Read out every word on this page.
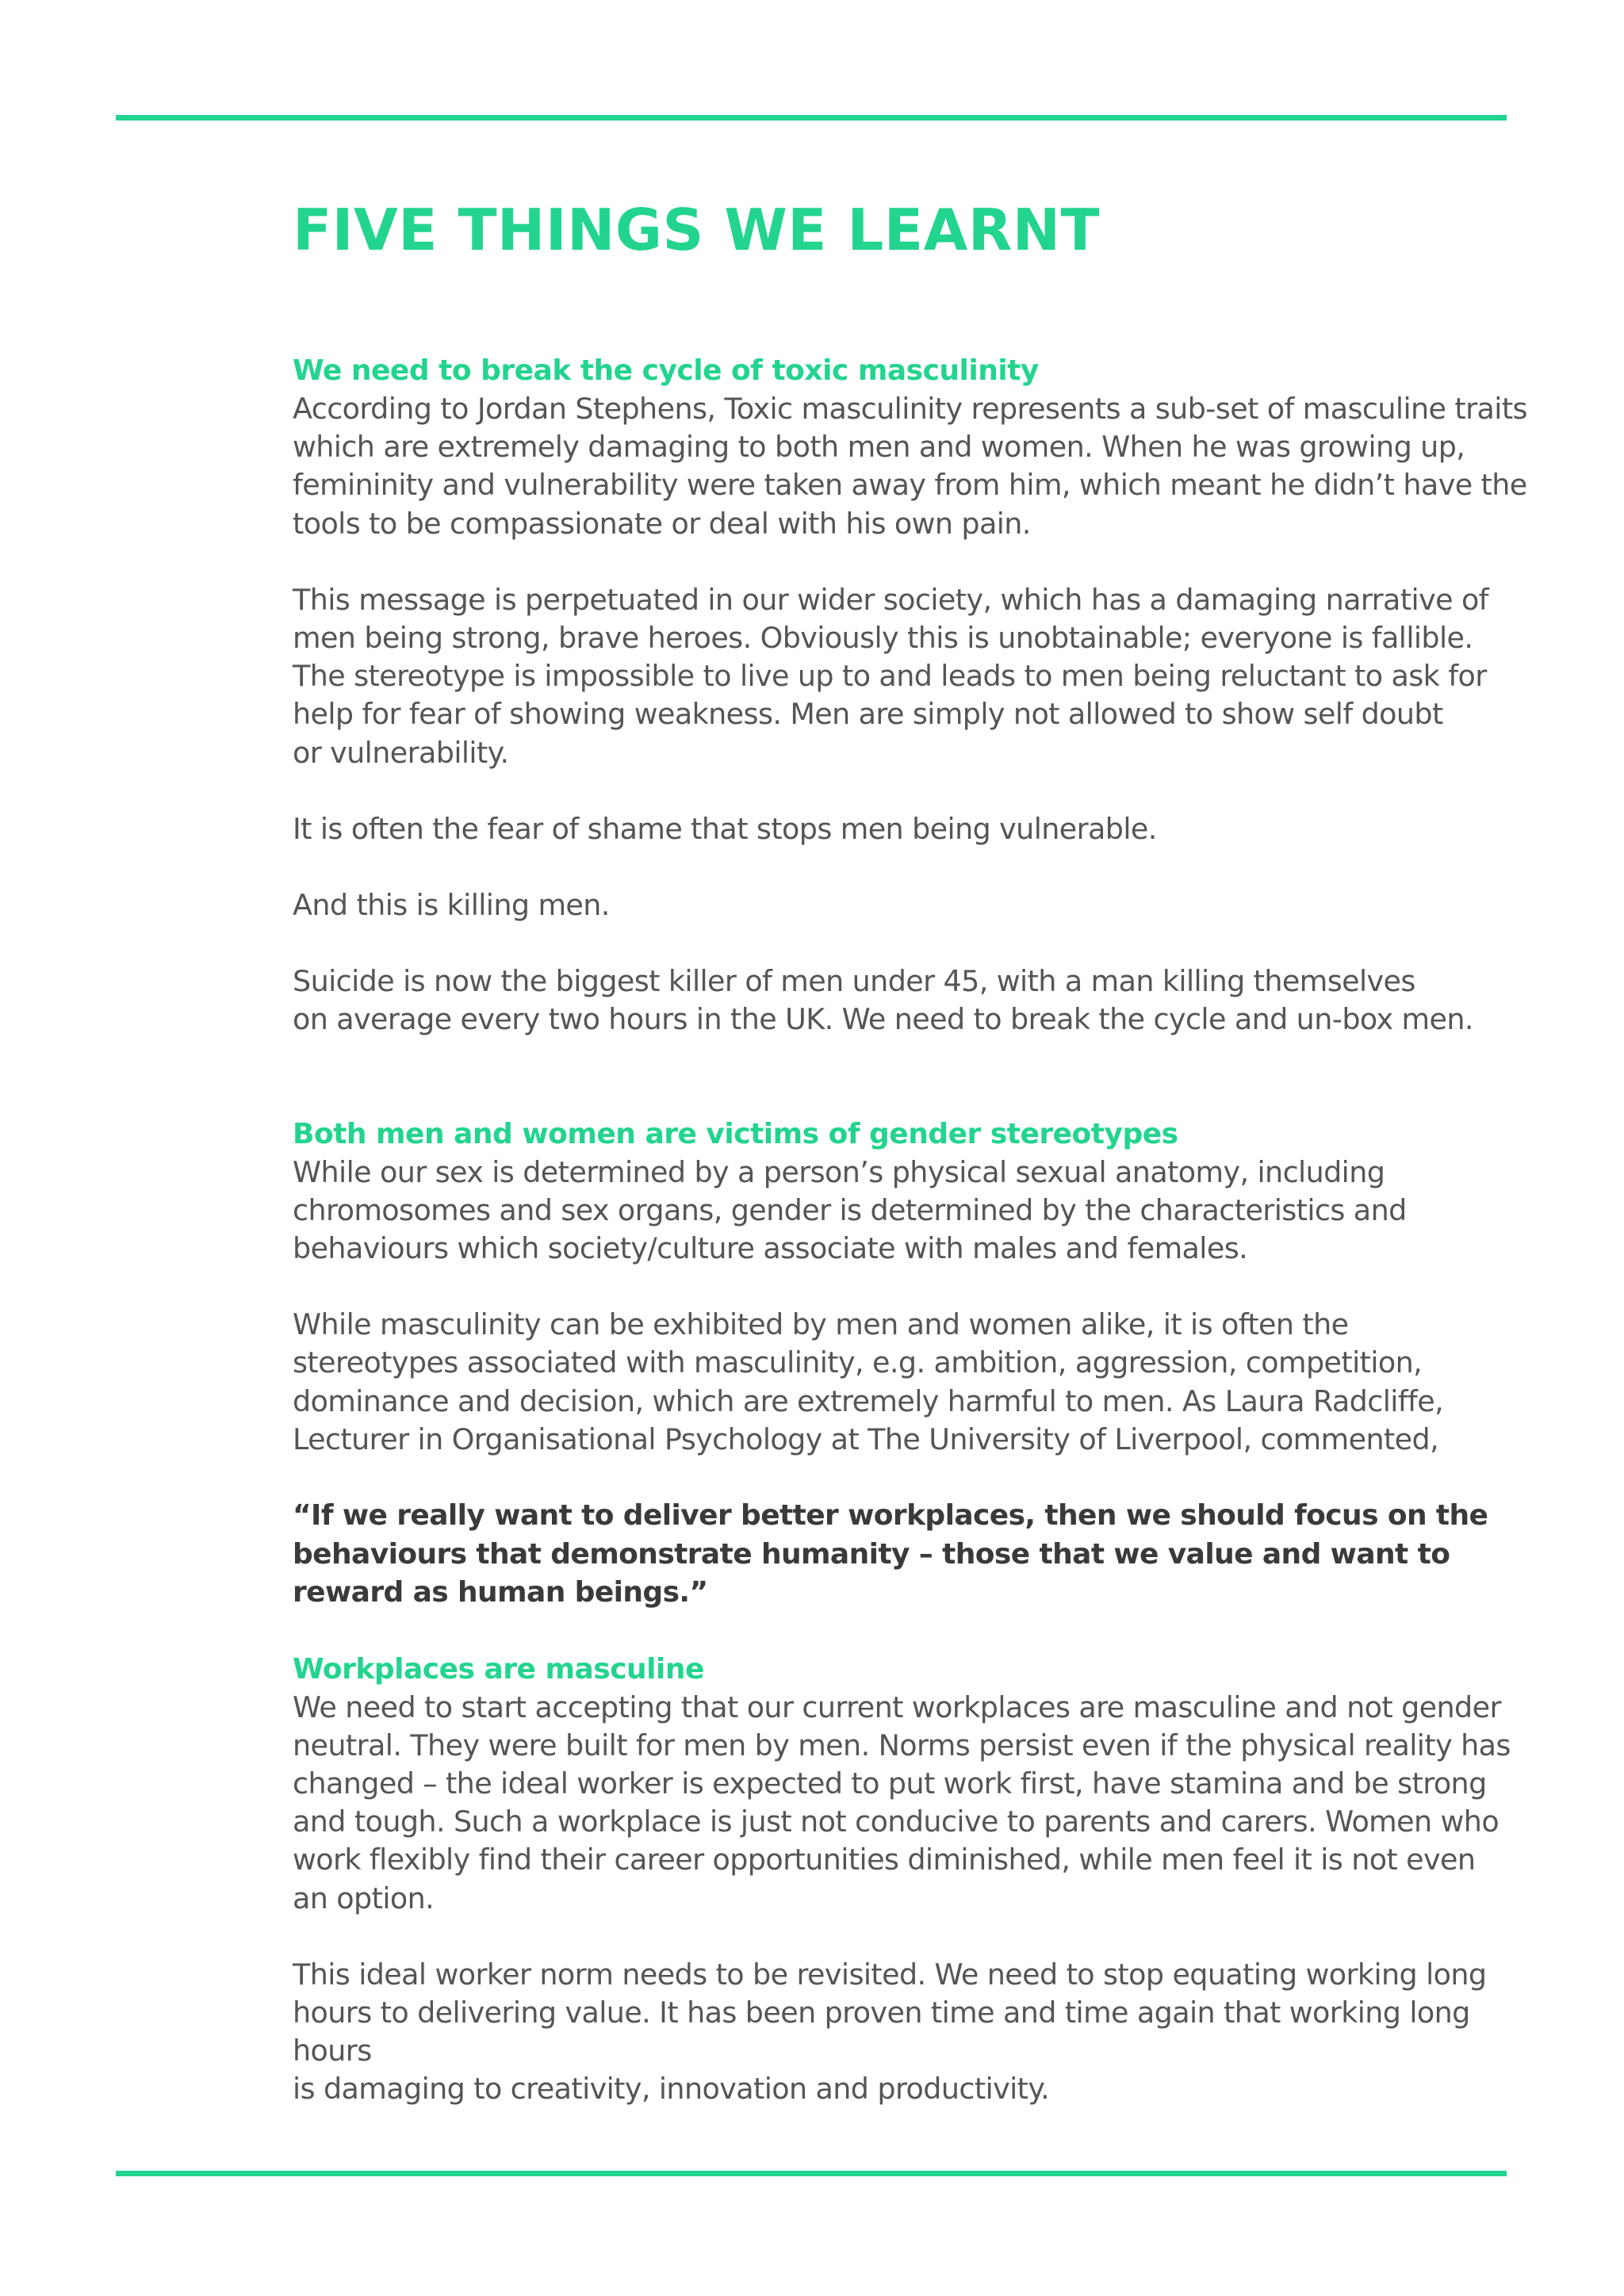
FIVE THINGS WE LEARNT

We need to break the cycle of toxic masculinity

According to Jordan Stephens, Toxic masculinity represents a sub-set of masculine traits
which are extremely damaging to both men and women. When he was growing up,
femininity and vulnerability were taken away from him, which meant he didn’t have the
tools to be compassionate or deal with his own pain.

This message is perpetuated in our wider society, which has a damaging narrative of
men being strong, brave heroes. Obviously this is unobtainable; everyone is fallible.
The stereotype is impossible to live up to and leads to men being reluctant to ask for
help for fear of showing weakness. Men are simply not allowed to show self doubt
or vulnerability.

It is often the fear of shame that stops men being vulnerable.

And this is killing men.

Suicide is now the biggest killer of men under 45, with a man killing themselves
on average every two hours in the UK. We need to break the cycle and un-box men.

Both men and women are victims of gender stereotypes

While our sex is determined by a person’s physical sexual anatomy, including
chromosomes and sex organs, gender is determined by the characteristics and
behaviours which society/culture associate with males and females.

While masculinity can be exhibited by men and women alike, it is often the
stereotypes associated with masculinity, e.g. ambition, aggression, competition,
dominance and decision, which are extremely harmful to men. As Laura Radcliffe,
Lecturer in Organisational Psychology at The University of Liverpool, commented,

“If we really want to deliver better workplaces, then we should focus on the
behaviours that demonstrate humanity – those that we value and want to
reward as human beings.”

Workplaces are masculine

We need to start accepting that our current workplaces are masculine and not gender
neutral. They were built for men by men. Norms persist even if the physical reality has
changed – the ideal worker is expected to put work first, have stamina and be strong
and tough. Such a workplace is just not conducive to parents and carers. Women who
work flexibly find their career opportunities diminished, while men feel it is not even
an option.

This ideal worker norm needs to be revisited. We need to stop equating working long
hours to delivering value. It has been proven time and time again that working long hours
is damaging to creativity, innovation and productivity.
